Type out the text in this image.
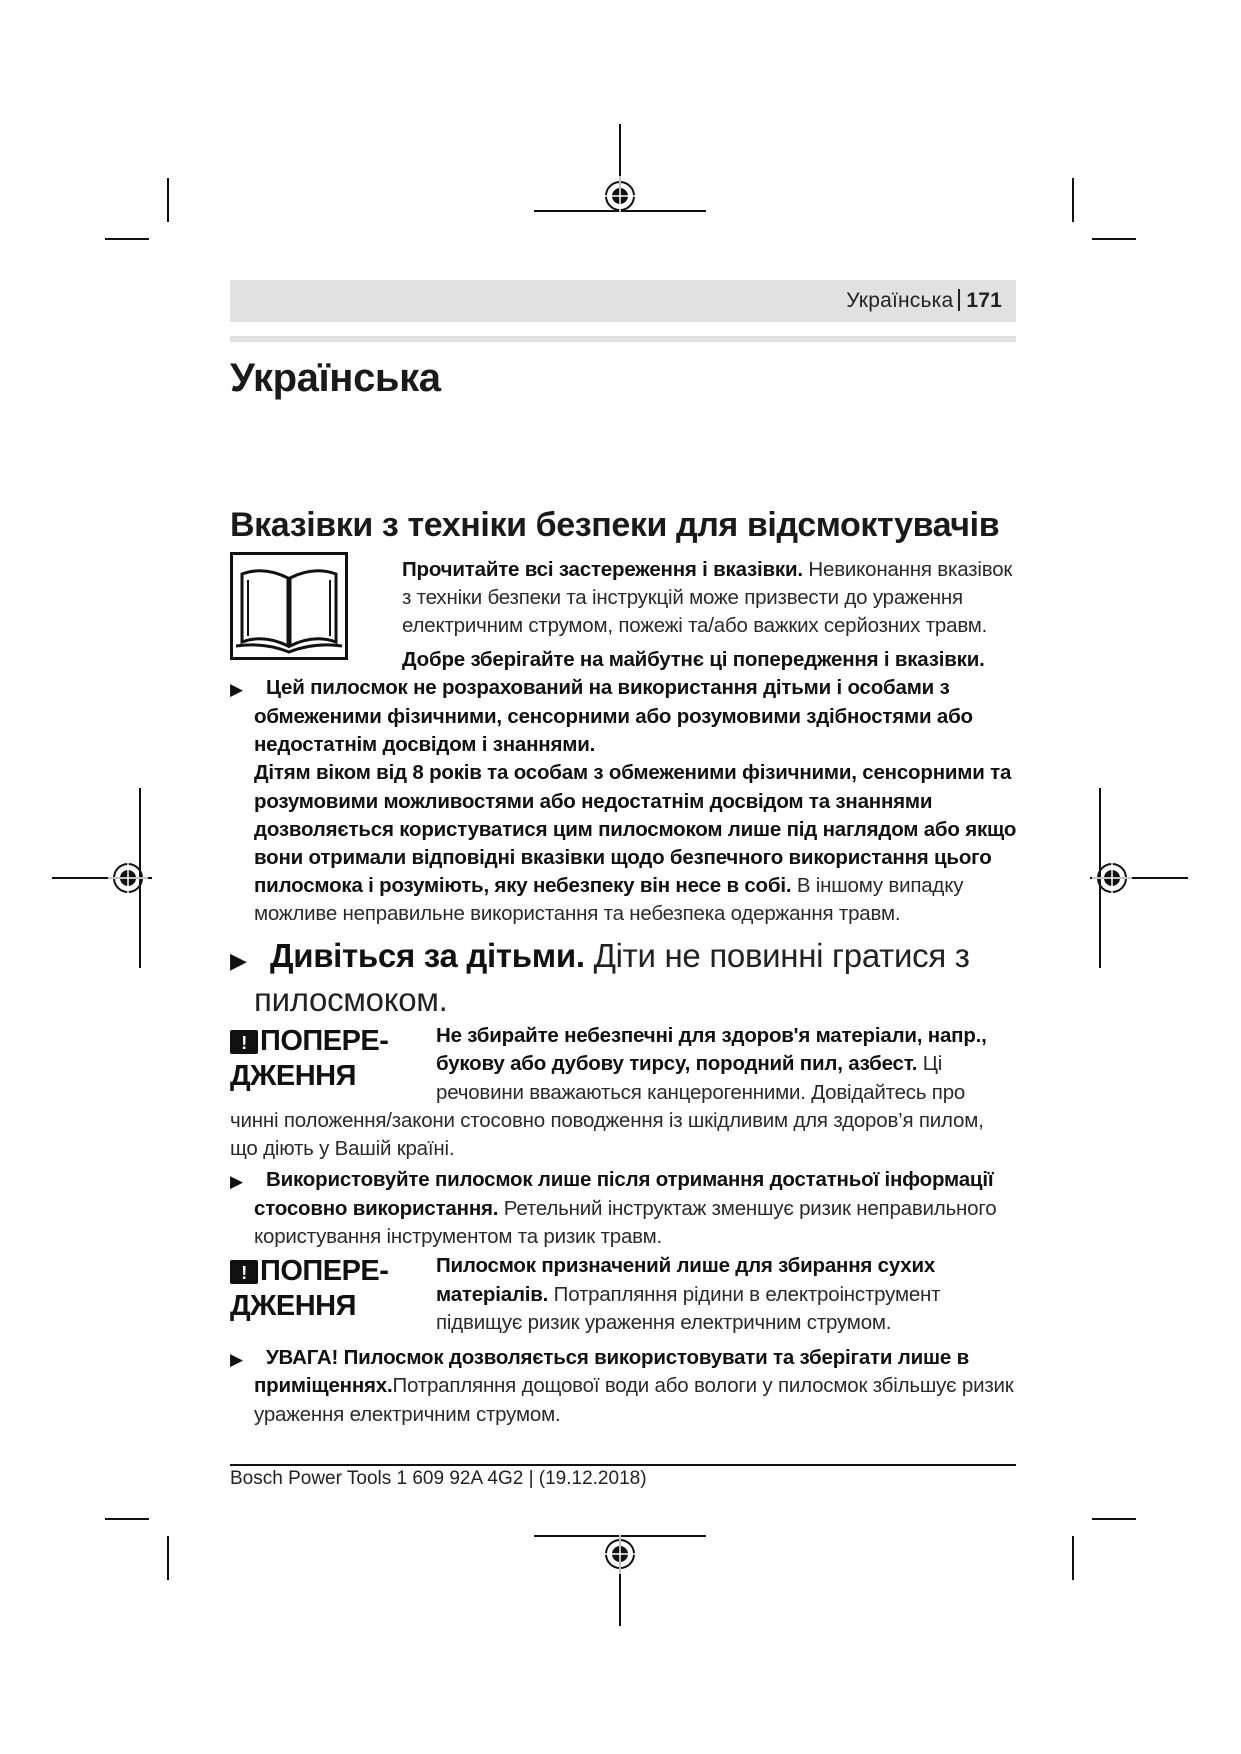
Українська 171
Українська
Вказівки з техніки безпеки для відсмоктувачів
Прочитайте всі застереження і вказівки. Невиконання вказівок
з техніки безпеки та інструкцій може призвести до ураження
електричним струмом, пожежі та/або важких серйозних травм.
Добре зберігайте на майбутнє ці попередження і вказівки.
▶ Цей пилосмок не розрахований на використання дітьми і особами з
обмеженими фізичними, сенсорними або розумовими здібностями або
недостатнім досвідом і знаннями.
Дітям віком від 8 років та особам з обмеженими фізичними, сенсорними та
розумовими можливостями або недостатнім досвідом та знаннями
дозволяється користуватися цим пилосмоком лише під наглядом або якщо
вони отримали відповідні вказівки щодо безпечного використання цього
пилосмока і розуміють, яку небезпеку він несе в собі. В іншому випадку
можливе неправильне використання та небезпека одержання травм.
▶ Дивіться за дітьми. Діти не повинні гратися з
пилосмоком.
! ПОПЕРЕ-
ДЖЕННЯ
Не збирайте небезпечні для здоров'я матеріали, напр.,
букову або дубову тирсу, породний пил, азбест. Ці
речовини вважаються канцерогенними. Довідайтесь про
чинні положення/закони стосовно поводження із шкідливим для здоров’я пилом,
що діють у Вашій країні.
▶ Використовуйте пилосмок лише після отримання достатньої інформації
стосовно використання. Ретельний інструктаж зменшує ризик неправильного
користування інструментом та ризик травм.
! ПОПЕРЕ-
ДЖЕННЯ
Пилосмок призначений лише для збирання сухих
матеріалів. Потрапляння рідини в електроінструмент
підвищує ризик ураження електричним струмом.
▶ УВАГА! Пилосмок дозволяється використовувати та зберігати лише в
приміщеннях.Потрапляння дощової води або вологи у пилосмок збільшує ризик
ураження електричним струмом.
Bosch Power Tools 1 609 92A 4G2 | (19.12.2018)
